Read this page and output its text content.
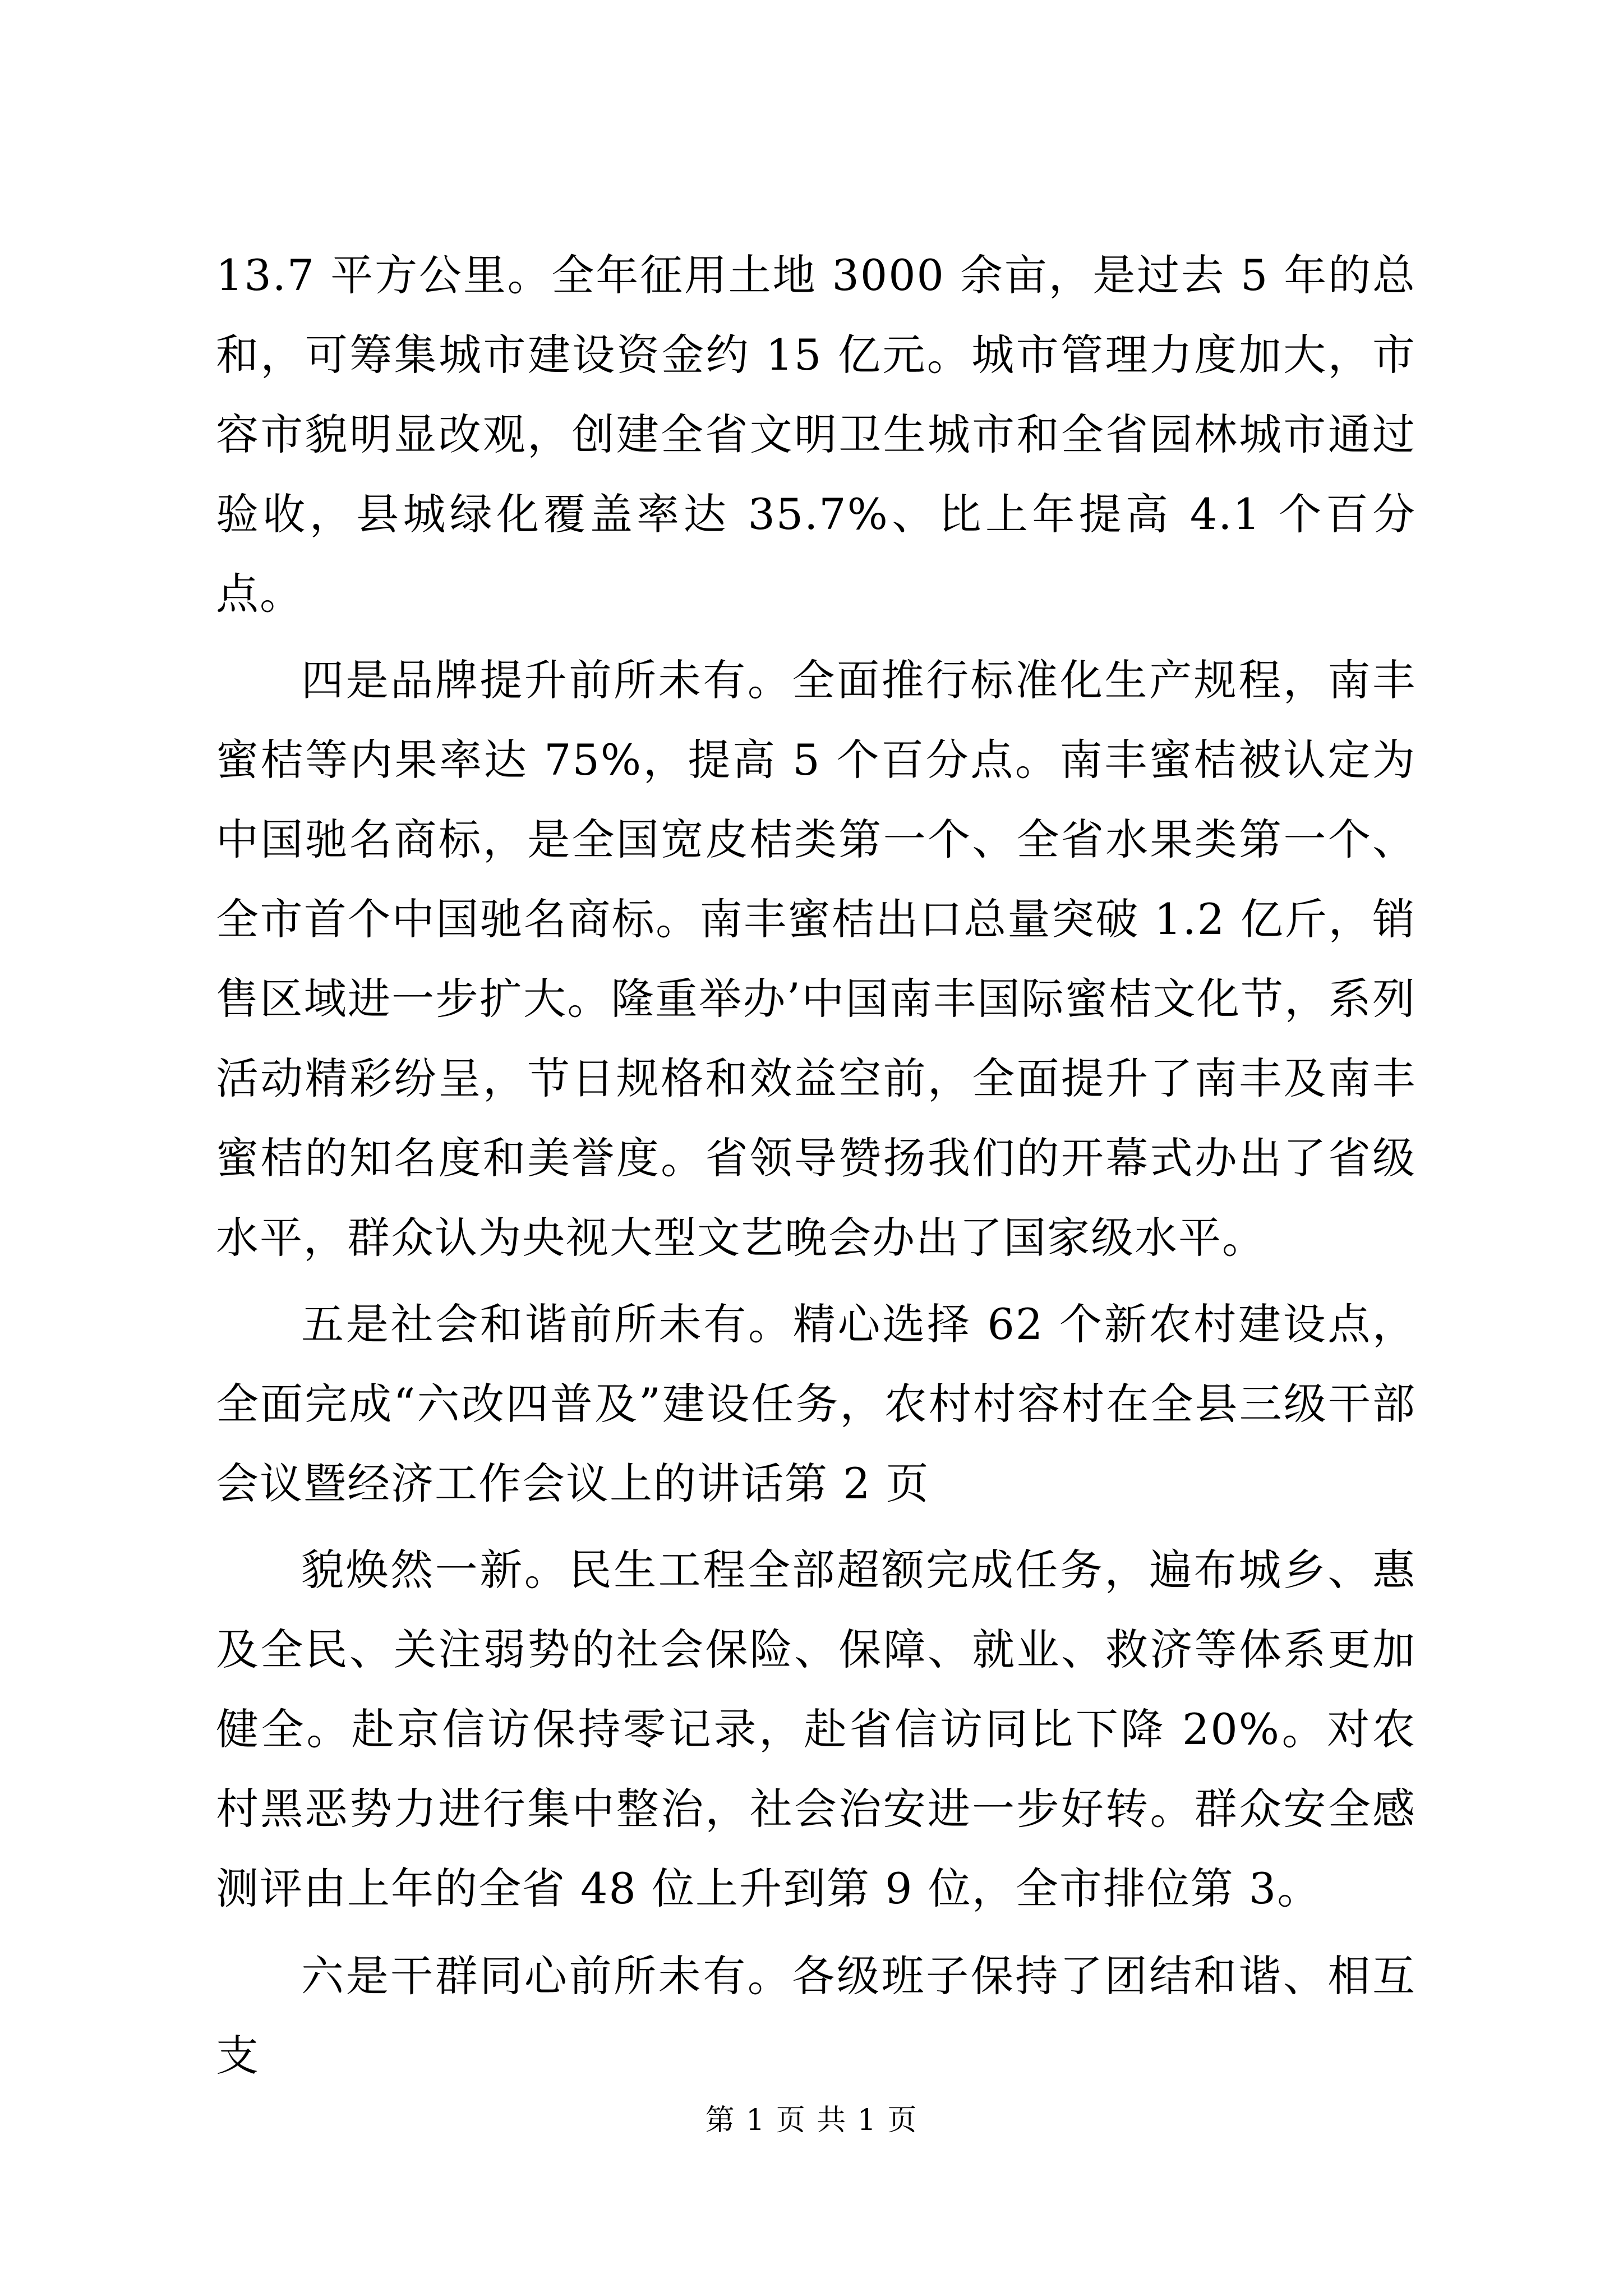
13.7 平方公里。全年征用土地 3000 余亩，是过去 5 年的总和，可筹集城市建设资金约 15 亿元。城市管理力度加大，市容市貌明显改观，创建全省文明卫生城市和全省园林城市通过验收，县城绿化覆盖率达 35.7%、比上年提高 4.1 个百分点。

四是品牌提升前所未有。全面推行标准化生产规程，南丰蜜桔等内果率达 75%，提高 5 个百分点。南丰蜜桔被认定为中国驰名商标，是全国宽皮桔类第一个、全省水果类第一个、全市首个中国驰名商标。南丰蜜桔出口总量突破 1.2 亿斤，销售区域进一步扩大。隆重举办’中国南丰国际蜜桔文化节，系列活动精彩纷呈，节日规格和效益空前，全面提升了南丰及南丰蜜桔的知名度和美誉度。省领导赞扬我们的开幕式办出了省级水平，群众认为央视大型文艺晚会办出了国家级水平。

五是社会和谐前所未有。精心选择 62 个新农村建设点，全面完成“六改四普及”建设任务，农村村容村在全县三级干部会议暨经济工作会议上的讲话第 2 页

貌焕然一新。民生工程全部超额完成任务，遍布城乡、惠及全民、关注弱势的社会保险、保障、就业、救济等体系更加健全。赴京信访保持零记录，赴省信访同比下降 20%。对农村黑恶势力进行集中整治，社会治安进一步好转。群众安全感测评由上年的全省 48 位上升到第 9 位，全市排位第 3。

六是干群同心前所未有。各级班子保持了团结和谐、相互支

第 1 页 共 1 页
